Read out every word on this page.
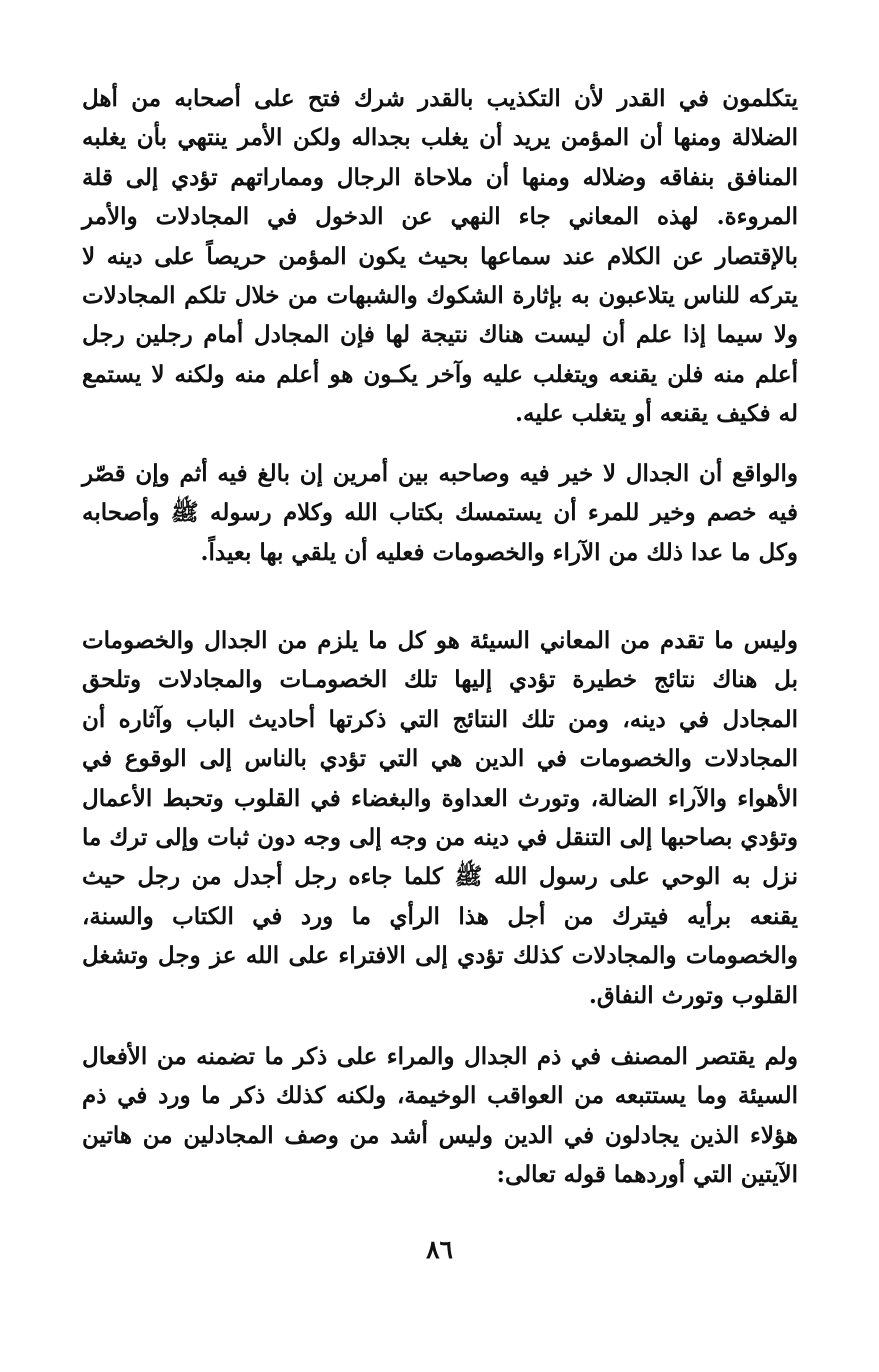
يتكلمون في القدر لأن التكذيب بالقدر شرك فتح على أصحابه من أهل الضلالة ومنها أن المؤمن يريد أن يغلب بجداله ولكن الأمر ينتهي بأن يغلبه المنافق بنفاقه وضلاله ومنها أن ملاحاة الرجال ومماراتهم تؤدي إلى قلة المروءة. لهذه المعاني جاء النهي عن الدخول في المجادلات والأمر بالإقتصار عن الكلام عند سماعها بحيث يكون المؤمن حريصاً على دينه لا يتركه للناس يتلاعبون به بإثارة الشكوك والشبهات من خلال تلكم المجادلات ولا سيما إذا علم أن ليست هناك نتيجة لها فإن المجادل أمام رجلين رجل أعلم منه فلن يقنعه ويتغلب عليه وآخر يكـون هو أعلم منه ولكنه لا يستمع له فكيف يقنعه أو يتغلب عليه.

والواقع أن الجدال لا خير فيه وصاحبه بين أمرين إن بالغ فيه أثم وإن قصّر فيه خصم وخير للمرء أن يستمسك بكتاب الله وكلام رسوله ﷺ وأصحابه وكل ما عدا ذلك من الآراء والخصومات فعليه أن يلقي بها بعيداً.

وليس ما تقدم من المعاني السيئة هو كل ما يلزم من الجدال والخصومات بل هناك نتائج خطيرة تؤدي إليها تلك الخصومـات والمجادلات وتلحق المجادل في دينه، ومن تلك النتائج التي ذكرتها أحاديث الباب وآثاره أن المجادلات والخصومات في الدين هي التي تؤدي بالناس إلى الوقوع في الأهواء والآراء الضالة، وتورث العداوة والبغضاء في القلوب وتحبط الأعمال وتؤدي بصاحبها إلى التنقل في دينه من وجه إلى وجه دون ثبات وإلى ترك ما نزل به الوحي على رسول الله ﷺ كلما جاءه رجل أجدل من رجل حيث يقنعه برأيه فيترك من أجل هذا الرأي ما ورد في الكتاب والسنة، والخصومات والمجادلات كذلك تؤدي إلى الافتراء على الله عز وجل وتشغل القلوب وتورث النفاق.

ولم يقتصر المصنف في ذم الجدال والمراء على ذكر ما تضمنه من الأفعال السيئة وما يستتبعه من العواقب الوخيمة، ولكنه كذلك ذكر ما ورد في ذم هؤلاء الذين يجادلون في الدين وليس أشد من وصف المجادلين من هاتين الآيتين التي أوردهما قوله تعالى:

٨٦
